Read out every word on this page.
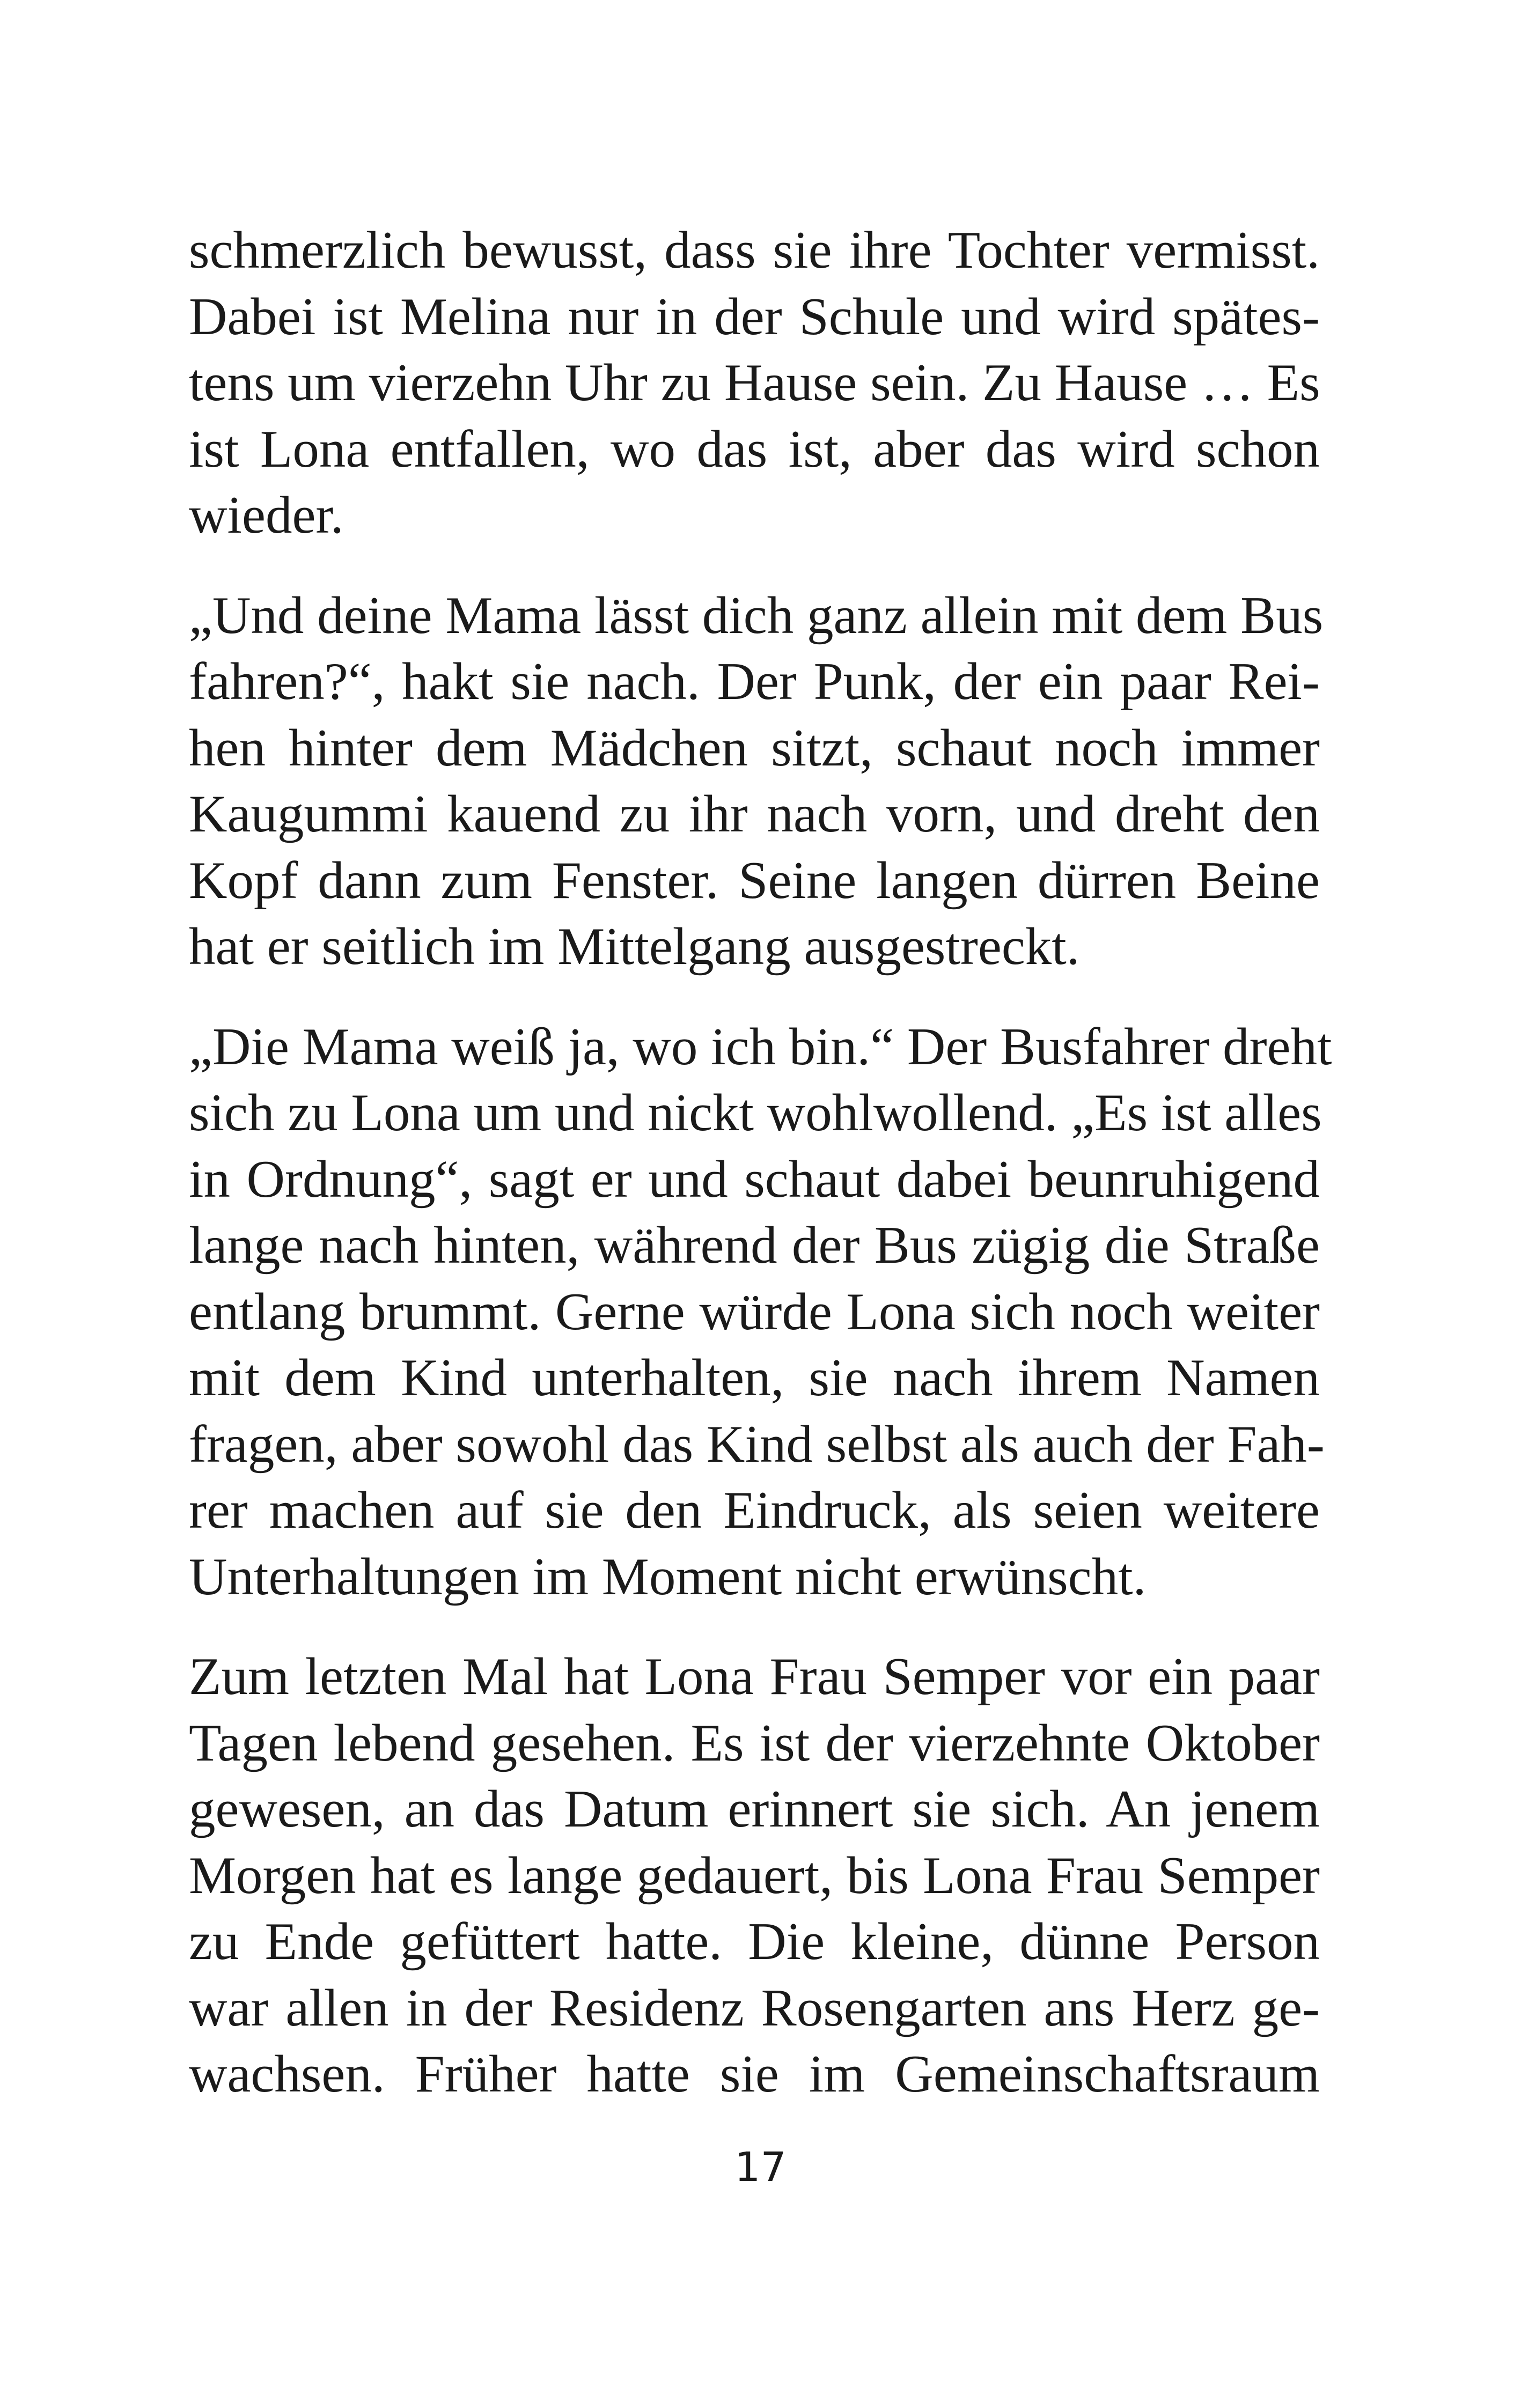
schmerzlich bewusst, dass sie ihre Tochter vermisst.
Dabei ist Melina nur in der Schule und wird spätes-
tens um vierzehn Uhr zu Hause sein. Zu Hause … Es
ist Lona entfallen, wo das ist, aber das wird schon
wieder.

„Und deine Mama lässt dich ganz allein mit dem Bus
fahren?“, hakt sie nach. Der Punk, der ein paar Rei-
hen hinter dem Mädchen sitzt, schaut noch immer
Kaugummi kauend zu ihr nach vorn, und dreht den
Kopf dann zum Fenster. Seine langen dürren Beine
hat er seitlich im Mittelgang ausgestreckt.

„Die Mama weiß ja, wo ich bin.“ Der Busfahrer dreht
sich zu Lona um und nickt wohlwollend. „Es ist alles
in Ordnung“, sagt er und schaut dabei beunruhigend
lange nach hinten, während der Bus zügig die Straße
entlang brummt. Gerne würde Lona sich noch weiter
mit dem Kind unterhalten, sie nach ihrem Namen
fragen, aber sowohl das Kind selbst als auch der Fah-
rer machen auf sie den Eindruck, als seien weitere
Unterhaltungen im Moment nicht erwünscht.

Zum letzten Mal hat Lona Frau Semper vor ein paar
Tagen lebend gesehen. Es ist der vierzehnte Oktober
gewesen, an das Datum erinnert sie sich. An jenem
Morgen hat es lange gedauert, bis Lona Frau Semper
zu Ende gefüttert hatte. Die kleine, dünne Person
war allen in der Residenz Rosengarten ans Herz ge-
wachsen. Früher hatte sie im Gemeinschaftsraum

17
